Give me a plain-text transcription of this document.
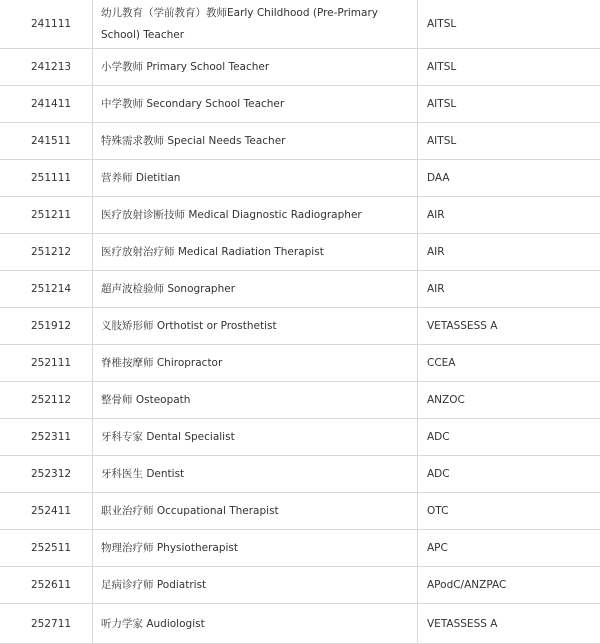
241111	幼儿教育（学前教育）教师Early Childhood (Pre-Primary School) Teacher	AITSL
241213	小学教师 Primary School Teacher	AITSL
241411	中学教师 Secondary School Teacher	AITSL
241511	特殊需求教师 Special Needs Teacher	AITSL
251111	营养师 Dietitian	DAA
251211	医疗放射诊断技师 Medical Diagnostic Radiographer	AIR
251212	医疗放射治疗师 Medical Radiation Therapist	AIR
251214	超声波检验师 Sonographer	AIR
251912	义肢矫形师 Orthotist or Prosthetist	VETASSESS A
252111	脊椎按摩师 Chiropractor	CCEA
252112	整骨师 Osteopath	ANZOC
252311	牙科专家 Dental Specialist	ADC
252312	牙科医生 Dentist	ADC
252411	职业治疗师 Occupational Therapist	OTC
252511	物理治疗师 Physiotherapist	APC
252611	足病诊疗师 Podiatrist	APodC/ANZPAC
252711	听力学家 Audiologist	VETASSESS A
